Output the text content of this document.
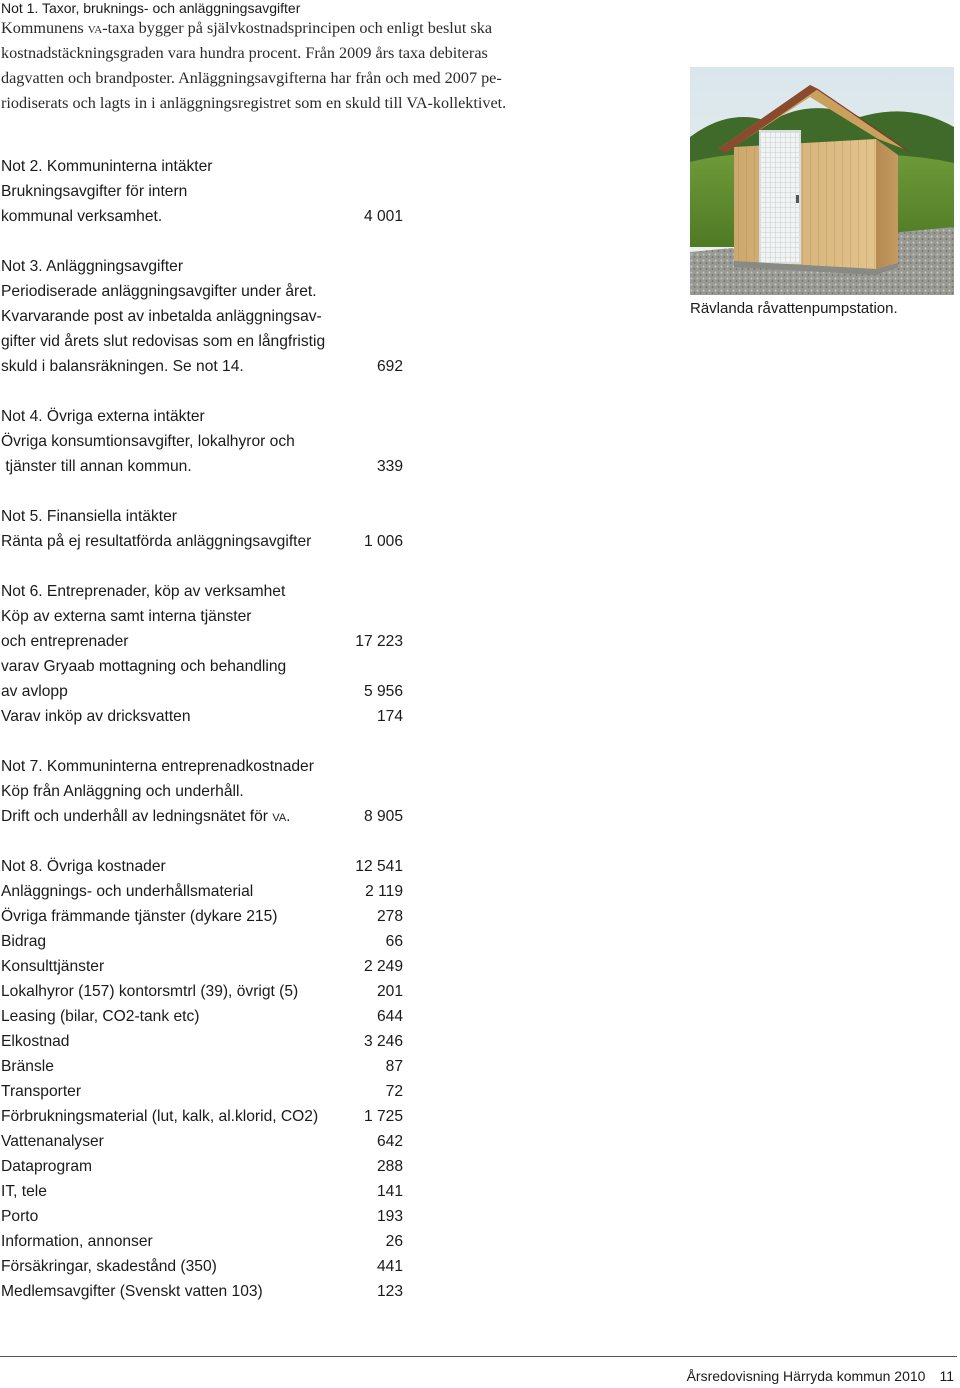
Not 1. Taxor, bruknings- och anläggningsavgifter
Kommunens va-taxa bygger på självkostnadsprincipen och enligt beslut ska
kostnadstäckningsgraden vara hundra procent. Från 2009 års taxa debiteras
dagvatten och brandposter. Anläggningsavgifterna har från och med 2007 pe-
riodiserats och lagts in i anläggningsregistret som en skuld till VA-kollektivet.
Rävlanda råvattenpumpstation.
Not 2. Kommuninterna intäkter
Brukningsavgifter för intern
kommunal verksamhet.	4 001
Not 3. Anläggningsavgifter
Periodiserade anläggningsavgifter under året.
Kvarvarande post av inbetalda anläggningsav-
gifter vid årets slut redovisas som en långfristig
skuld i balansräkningen. Se not 14.	692
Not 4. Övriga externa intäkter
Övriga konsumtionsavgifter, lokalhyror och
tjänster till annan kommun.	339
Not 5. Finansiella intäkter
Ränta på ej resultatförda anläggningsavgifter	1 006
Not 6. Entreprenader, köp av verksamhet
Köp av externa samt interna tjänster
och entreprenader	17 223
varav Gryaab mottagning och behandling
av avlopp	5 956
Varav inköp av dricksvatten	174
Not 7. Kommuninterna entreprenadkostnader
Köp från Anläggning och underhåll.
Drift och underhåll av ledningsnätet för va.	8 905
Not 8. Övriga kostnader	12 541
Anläggnings- och underhållsmaterial	2 119
Övriga främmande tjänster (dykare 215)	278
Bidrag	66
Konsulttjänster	2 249
Lokalhyror (157) kontorsmtrl (39), övrigt (5)	201
Leasing (bilar, CO2-tank etc)	644
Elkostnad	3 246
Bränsle	87
Transporter	72
Förbrukningsmaterial (lut, kalk, al.klorid, CO2)	1 725
Vattenanalyser	642
Dataprogram	288
IT, tele	141
Porto	193
Information, annonser	26
Försäkringar, skadestånd (350)	441
Medlemsavgifter (Svenskt vatten 103)	123
Årsredovisning Härryda kommun 2010 11
